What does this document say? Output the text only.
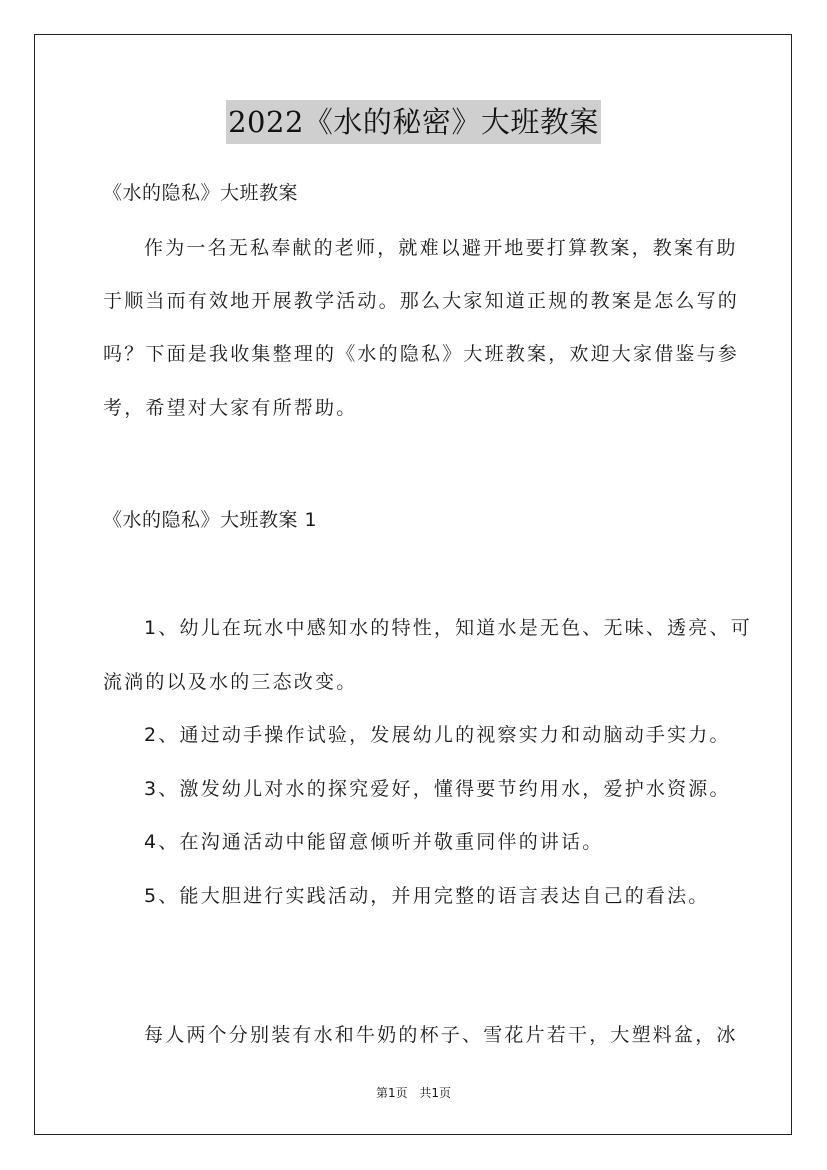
2022《水的秘密》大班教案
《水的隐私》大班教案
作为一名无私奉献的老师，就难以避开地要打算教案，教案有助
于顺当而有效地开展教学活动。那么大家知道正规的教案是怎么写的
吗？下面是我收集整理的《水的隐私》大班教案，欢迎大家借鉴与参
考，希望对大家有所帮助。
《水的隐私》大班教案 1
1、幼儿在玩水中感知水的特性，知道水是无色、无味、透亮、可
流淌的以及水的三态改变。
2、通过动手操作试验，发展幼儿的视察实力和动脑动手实力。
3、激发幼儿对水的探究爱好，懂得要节约用水，爱护水资源。
4、在沟通活动中能留意倾听并敬重同伴的讲话。
5、能大胆进行实践活动，并用完整的语言表达自己的看法。
每人两个分别装有水和牛奶的杯子、雪花片若干，大塑料盆，冰
第1页 共1页
